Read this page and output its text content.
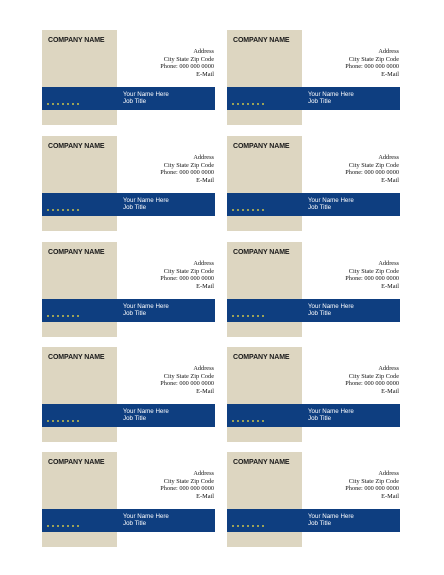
COMPANY NAME
Address
City State Zip Code
Phone: 000 000 0000
E-Mail
Your Name Here
Job Title
COMPANY NAME
Address
City State Zip Code
Phone: 000 000 0000
E-Mail
Your Name Here
Job Title
COMPANY NAME
Address
City State Zip Code
Phone: 000 000 0000
E-Mail
Your Name Here
Job Title
COMPANY NAME
Address
City State Zip Code
Phone: 000 000 0000
E-Mail
Your Name Here
Job Title
COMPANY NAME
Address
City State Zip Code
Phone: 000 000 0000
E-Mail
Your Name Here
Job Title
COMPANY NAME
Address
City State Zip Code
Phone: 000 000 0000
E-Mail
Your Name Here
Job Title
COMPANY NAME
Address
City State Zip Code
Phone: 000 000 0000
E-Mail
Your Name Here
Job Title
COMPANY NAME
Address
City State Zip Code
Phone: 000 000 0000
E-Mail
Your Name Here
Job Title
COMPANY NAME
Address
City State Zip Code
Phone: 000 000 0000
E-Mail
Your Name Here
Job Title
COMPANY NAME
Address
City State Zip Code
Phone: 000 000 0000
E-Mail
Your Name Here
Job Title
